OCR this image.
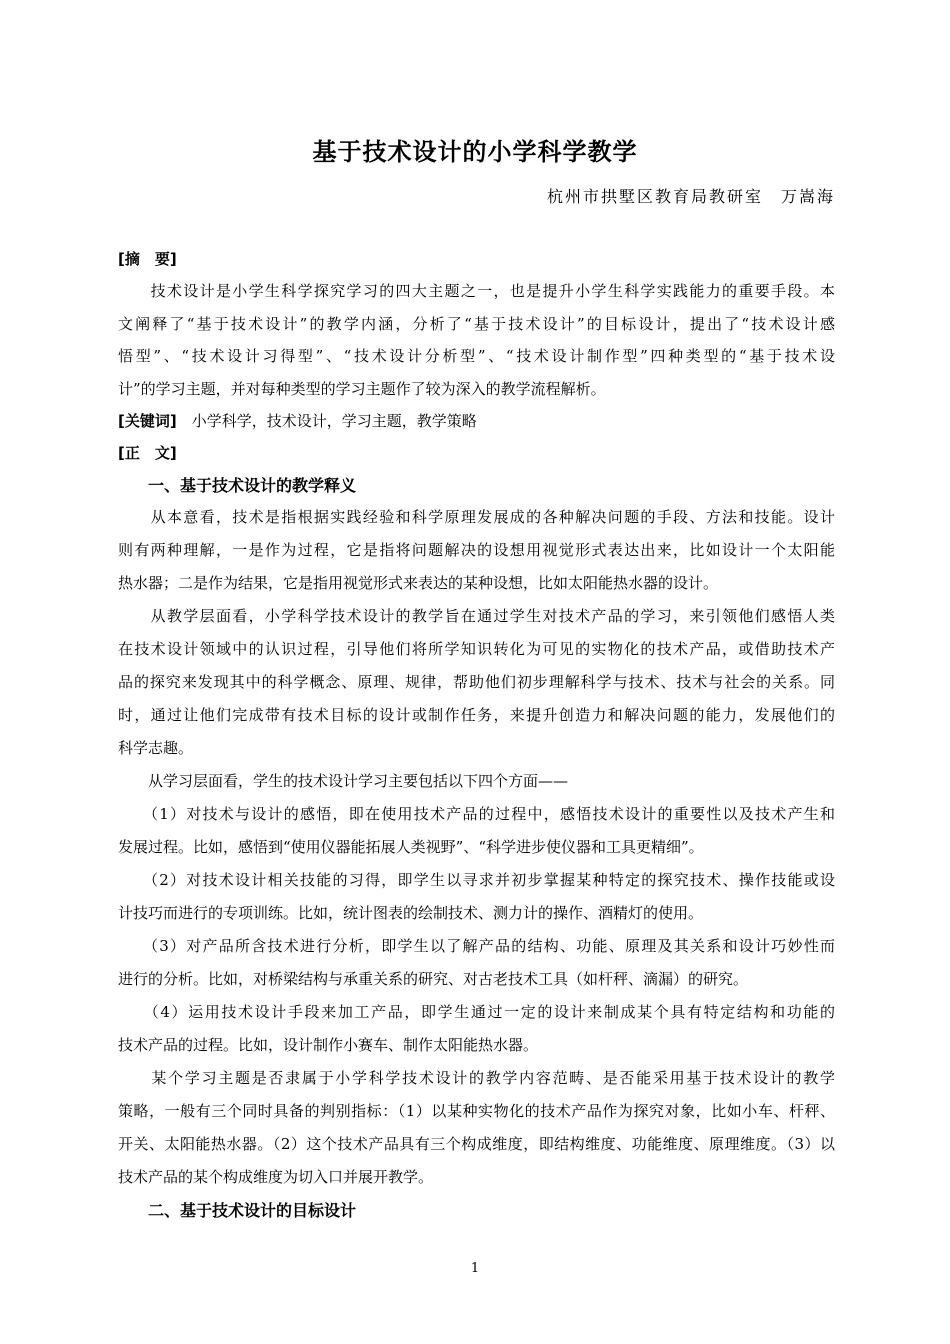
基于技术设计的小学科学教学
杭州市拱墅区教育局教研室　万嵩海
[摘　要]
　　技术设计是小学生科学探究学习的四大主题之一，也是提升小学生科学实践能力的重要手段。本
文阐释了“基于技术设计”的教学内涵，分析了“基于技术设计”的目标设计，提出了“技术设计感
悟型”、“技术设计习得型”、“技术设计分析型”、“技术设计制作型”四种类型的“基于技术设
计”的学习主题，并对每种类型的学习主题作了较为深入的教学流程解析。
[关键词]　小学科学，技术设计，学习主题，教学策略
[正　文]
一、基于技术设计的教学释义
　　从本意看，技术是指根据实践经验和科学原理发展成的各种解决问题的手段、方法和技能。设计
则有两种理解，一是作为过程，它是指将问题解决的设想用视觉形式表达出来，比如设计一个太阳能
热水器；二是作为结果，它是指用视觉形式来表达的某种设想，比如太阳能热水器的设计。
　　从教学层面看，小学科学技术设计的教学旨在通过学生对技术产品的学习，来引领他们感悟人类
在技术设计领域中的认识过程，引导他们将所学知识转化为可见的实物化的技术产品，或借助技术产
品的探究来发现其中的科学概念、原理、规律，帮助他们初步理解科学与技术、技术与社会的关系。同
时，通过让他们完成带有技术目标的设计或制作任务，来提升创造力和解决问题的能力，发展他们的
科学志趣。
　　从学习层面看，学生的技术设计学习主要包括以下四个方面——
　　（1）对技术与设计的感悟，即在使用技术产品的过程中，感悟技术设计的重要性以及技术产生和
发展过程。比如，感悟到“使用仪器能拓展人类视野”、“科学进步使仪器和工具更精细”。
　　（2）对技术设计相关技能的习得，即学生以寻求并初步掌握某种特定的探究技术、操作技能或设
计技巧而进行的专项训练。比如，统计图表的绘制技术、测力计的操作、酒精灯的使用。
　　（3）对产品所含技术进行分析，即学生以了解产品的结构、功能、原理及其关系和设计巧妙性而
进行的分析。比如，对桥梁结构与承重关系的研究、对古老技术工具（如杆秤、滴漏）的研究。
　　（4）运用技术设计手段来加工产品，即学生通过一定的设计来制成某个具有特定结构和功能的
技术产品的过程。比如，设计制作小赛车、制作太阳能热水器。
　　某个学习主题是否隶属于小学科学技术设计的教学内容范畴、是否能采用基于技术设计的教学
策略，一般有三个同时具备的判别指标：（1）以某种实物化的技术产品作为探究对象，比如小车、杆秤、
开关、太阳能热水器。（2）这个技术产品具有三个构成维度，即结构维度、功能维度、原理维度。（3）以
技术产品的某个构成维度为切入口并展开教学。
二、基于技术设计的目标设计
1
